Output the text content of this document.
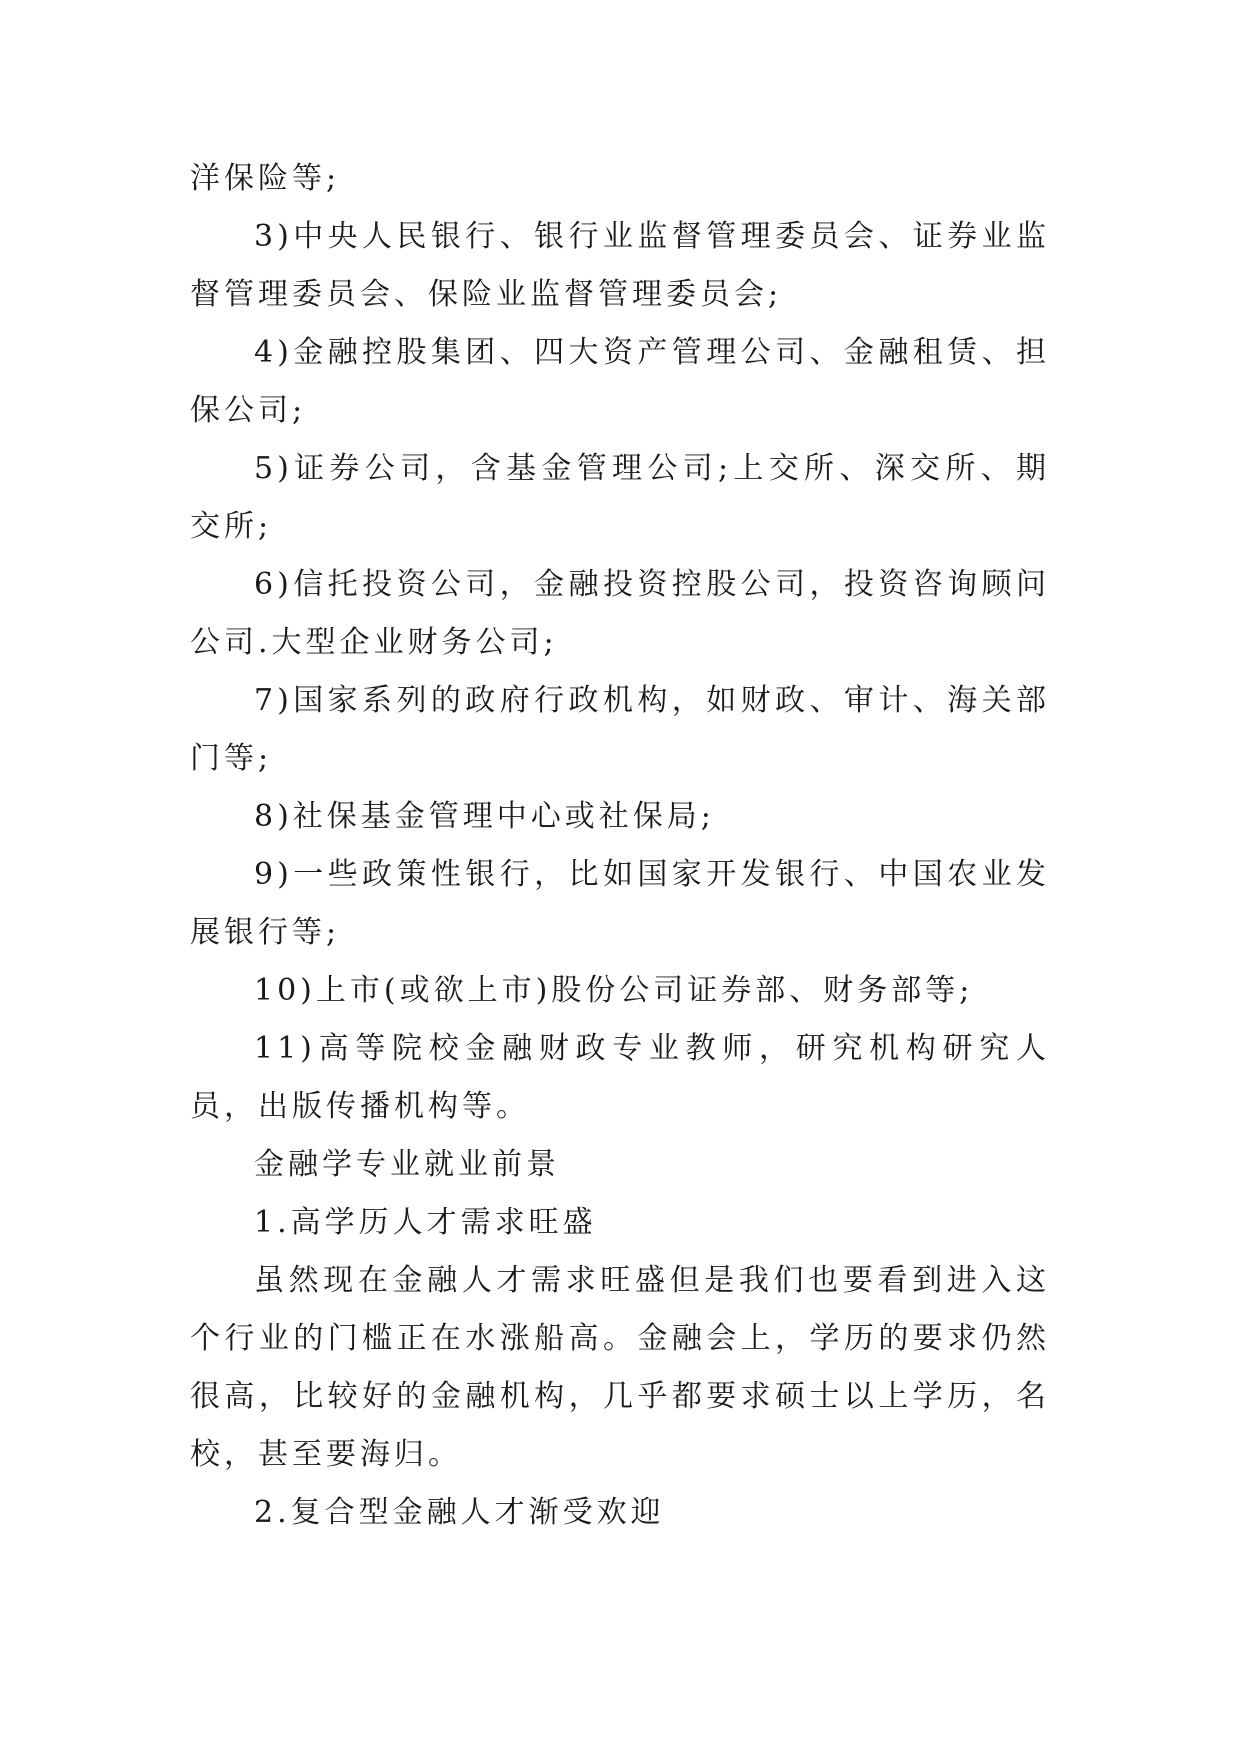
洋保险等;

3)中央人民银行、银行业监督管理委员会、证券业监督管理委员会、保险业监督管理委员会;

4)金融控股集团、四大资产管理公司、金融租赁、担保公司;

5)证券公司，含基金管理公司;上交所、深交所、期交所;

6)信托投资公司，金融投资控股公司，投资咨询顾问公司.大型企业财务公司;

7)国家系列的政府行政机构，如财政、审计、海关部门等;

8)社保基金管理中心或社保局;

9)一些政策性银行，比如国家开发银行、中国农业发展银行等;

10)上市(或欲上市)股份公司证券部、财务部等;

11)高等院校金融财政专业教师，研究机构研究人员，出版传播机构等。

金融学专业就业前景

1.高学历人才需求旺盛

虽然现在金融人才需求旺盛但是我们也要看到进入这个行业的门槛正在水涨船高。金融会上，学历的要求仍然很高，比较好的金融机构，几乎都要求硕士以上学历，名校，甚至要海归。

2.复合型金融人才渐受欢迎
